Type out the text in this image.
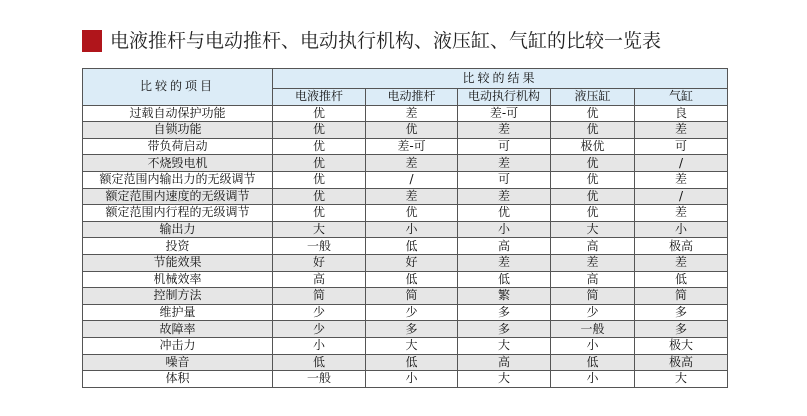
电液推杆与电动推杆、电动执行机构、液压缸、气缸的比较一览表
比较的项目	比较的结果				
	电液推杆	电动推杆	电动执行机构	液压缸	气缸
过载自动保护功能	优	差	差-可	优	良
自锁功能	优	优	差	优	差
带负荷启动	优	差-可	可	极优	可
不烧毁电机	优	差	差	优	/
额定范围内输出力的无级调节	优	/	可	优	差
额定范围内速度的无级调节	优	差	差	优	/
额定范围内行程的无级调节	优	优	优	优	差
输出力	大	小	小	大	小
投资	一般	低	高	高	极高
节能效果	好	好	差	差	差
机械效率	高	低	低	高	低
控制方法	简	简	繁	简	简
维护量	少	少	多	少	多
故障率	少	多	多	一般	多
冲击力	小	大	大	小	极大
噪音	低	低	高	低	极高
体积	一般	小	大	小	大
